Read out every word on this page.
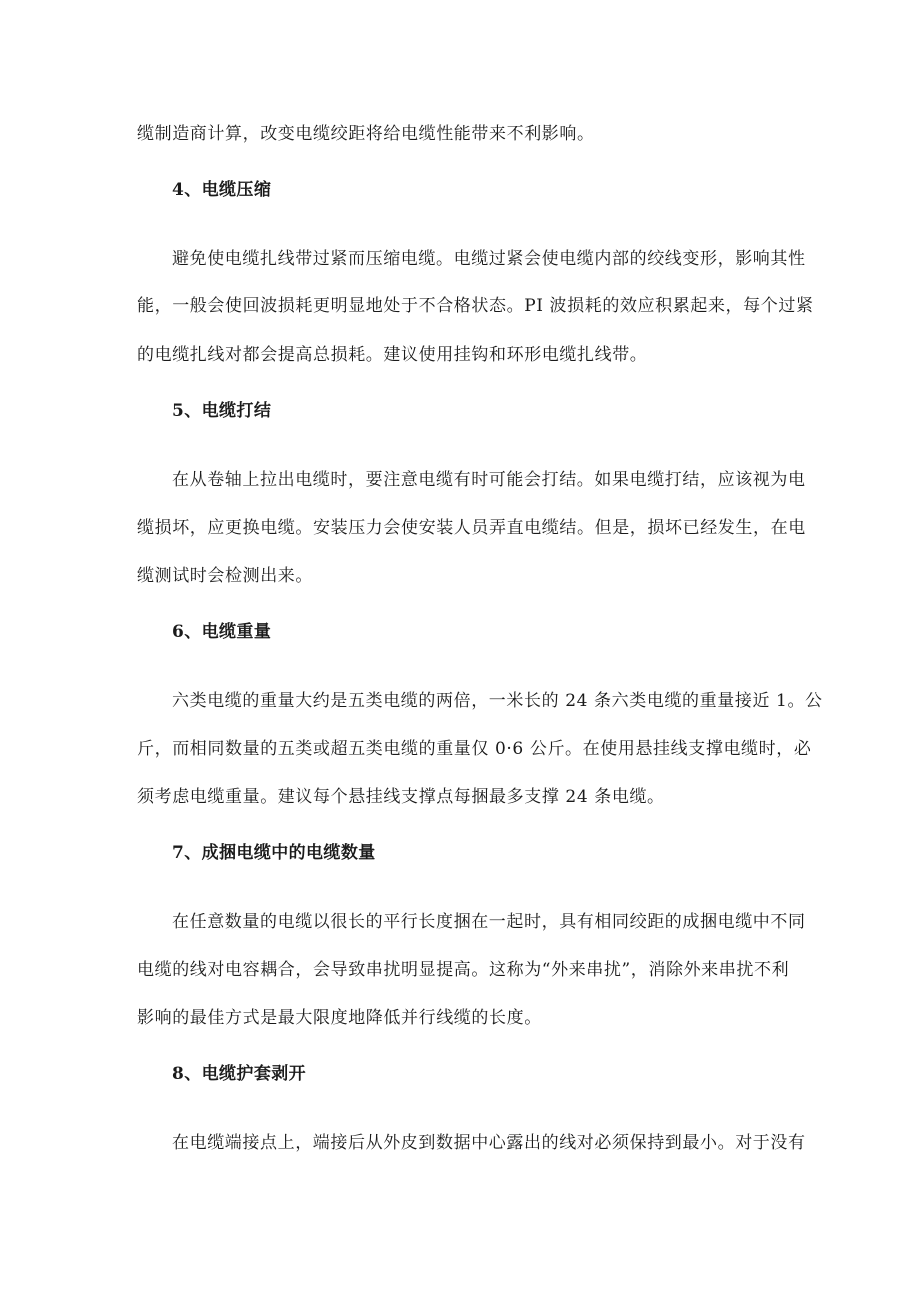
缆制造商计算，改变电缆绞距将给电缆性能带来不利影响。
4、电缆压缩
避免使电缆扎线带过紧而压缩电缆。电缆过紧会使电缆内部的绞线变形，影响其性
能，一般会使回波损耗更明显地处于不合格状态。PI 波损耗的效应积累起来，每个过紧
的电缆扎线对都会提高总损耗。建议使用挂钩和环形电缆扎线带。
5、电缆打结
在从卷轴上拉出电缆时，要注意电缆有时可能会打结。如果电缆打结，应该视为电
缆损坏，应更换电缆。安装压力会使安装人员弄直电缆结。但是，损坏已经发生，在电
缆测试时会检测出来。
6、电缆重量
六类电缆的重量大约是五类电缆的两倍，一米长的 24 条六类电缆的重量接近 1。公
斤，而相同数量的五类或超五类电缆的重量仅 0·6 公斤。在使用悬挂线支撑电缆时，必
须考虑电缆重量。建议每个悬挂线支撑点每捆最多支撑 24 条电缆。
7、成捆电缆中的电缆数量
在任意数量的电缆以很长的平行长度捆在一起时，具有相同绞距的成捆电缆中不同
电缆的线对电容耦合，会导致串扰明显提高。这称为“外来串扰”，消除外来串扰不利
影响的最佳方式是最大限度地降低并行线缆的长度。
8、电缆护套剥开
在电缆端接点上，端接后从外皮到数据中心露出的线对必须保持到最小。对于没有
